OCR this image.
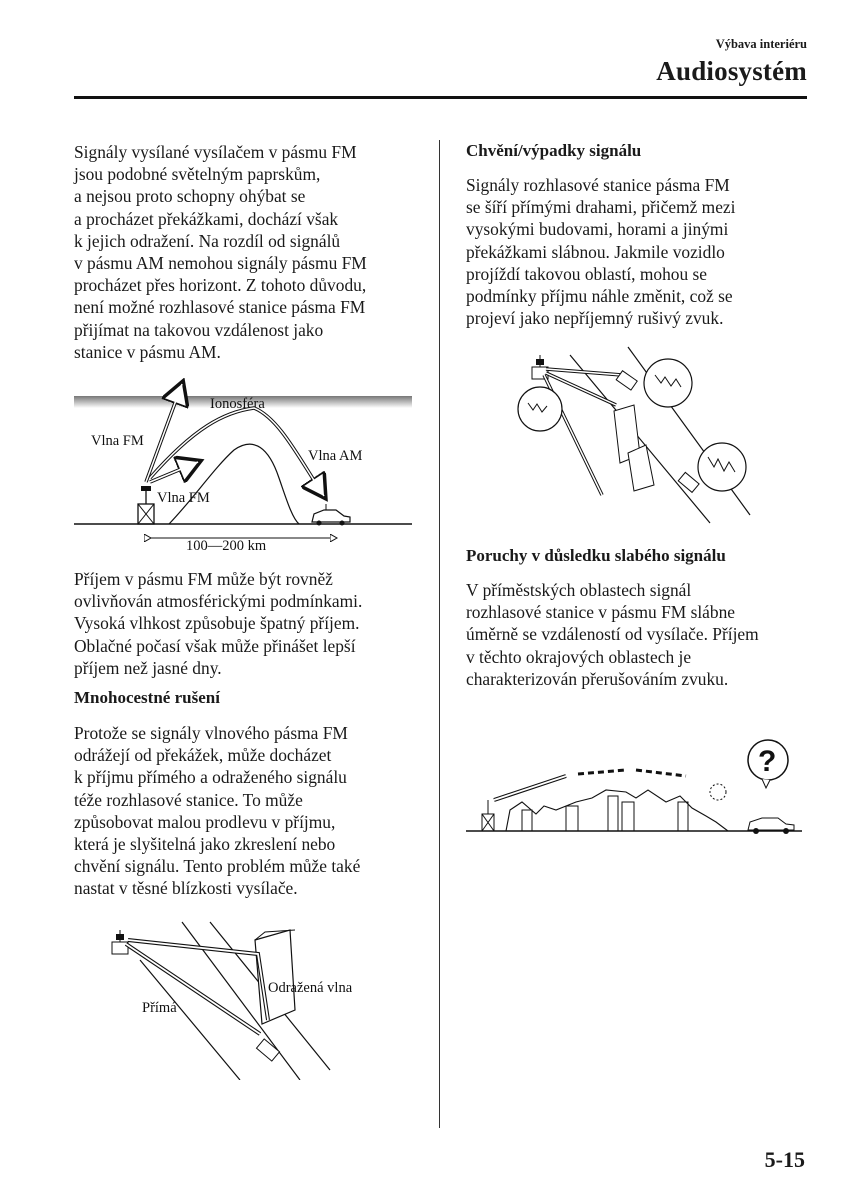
Výbava interiéru
Audiosystém

Signály vysílané vysílačem v pásmu FM
jsou podobné světelným paprskům,
a nejsou proto schopny ohýbat se
a procházet překážkami, dochází však
k jejich odražení. Na rozdíl od signálů
v pásmu AM nemohou signály pásmu FM
procházet přes horizont. Z tohoto důvodu,
není možné rozhlasové stanice pásma FM
přijímat na takovou vzdálenost jako
stanice v pásmu AM.

Ionosféra
Vlna FM
Vlna AM
Vlna FM
100—200 km

Příjem v pásmu FM může být rovněž
ovlivňován atmosférickými podmínkami.
Vysoká vlhkost způsobuje špatný příjem.
Oblačné počasí však může přinášet lepší
příjem než jasné dny.

Mnohocestné rušení

Protože se signály vlnového pásma FM
odrážejí od překážek, může docházet
k příjmu přímého a odraženého signálu
téže rozhlasové stanice. To může
způsobovat malou prodlevu v příjmu,
která je slyšitelná jako zkreslení nebo
chvění signálu. Tento problém může také
nastat v těsné blízkosti vysílače.

Odražená vlna
Přímá

Chvění/výpadky signálu

Signály rozhlasové stanice pásma FM
se šíří přímými drahami, přičemž mezi
vysokými budovami, horami a jinými
překážkami slábnou. Jakmile vozidlo
projíždí takovou oblastí, mohou se
podmínky příjmu náhle změnit, což se
projeví jako nepříjemný rušivý zvuk.

Poruchy v důsledku slabého signálu

V příměstských oblastech signál
rozhlasové stanice v pásmu FM slábne
úměrně se vzdáleností od vysílače. Příjem
v těchto okrajových oblastech je
charakterizován přerušováním zvuku.

?
5-15
